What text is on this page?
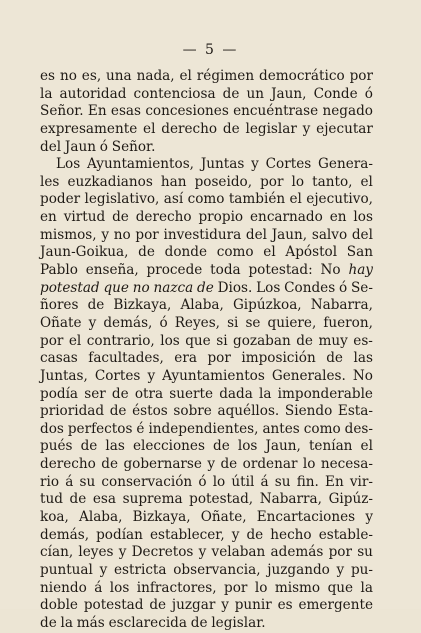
— 5 —
es no es, una nada, el régimen democrático por
la autoridad contenciosa de un Jaun, Conde ó
Señor. En esas concesiones encuéntrase negado
expresamente el derecho de legislar y ejecutar
del Jaun ó Señor.
Los Ayuntamientos, Juntas y Cortes Genera-
les euzkadianos han poseido, por lo tanto, el
poder legislativo, así como también el ejecutivo,
en virtud de derecho propio encarnado en los
mismos, y no por investidura del Jaun, salvo del
Jaun-Goikua, de donde como el Apóstol San
Pablo enseña, procede toda potestad: No hay
potestad que no nazca de Dios. Los Condes ó Se-
ñores de Bizkaya, Alaba, Gipúzkoa, Nabarra,
Oñate y demás, ó Reyes, si se quiere, fueron,
por el contrario, los que si gozaban de muy es-
casas facultades, era por imposición de las
Juntas, Cortes y Ayuntamientos Generales. No
podía ser de otra suerte dada la imponderable
prioridad de éstos sobre aquéllos. Siendo Esta-
dos perfectos é independientes, antes como des-
pués de las elecciones de los Jaun, tenían el
derecho de gobernarse y de ordenar lo necesa-
rio á su conservación ó lo útil á su fin. En vir-
tud de esa suprema potestad, Nabarra, Gipúz-
koa, Alaba, Bizkaya, Oñate, Encartaciones y
demás, podían establecer, y de hecho estable-
cían, leyes y Decretos y velaban además por su
puntual y estricta observancia, juzgando y pu-
niendo á los infractores, por lo mismo que la
doble potestad de juzgar y punir es emergente
de la más esclarecida de legislar.
